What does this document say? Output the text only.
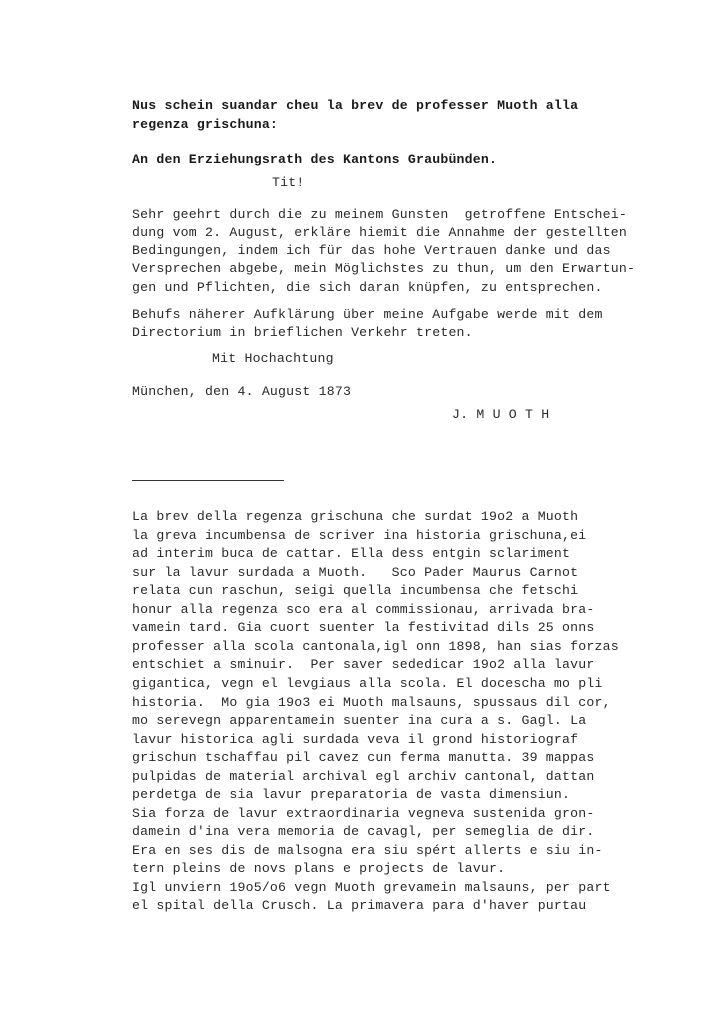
Nus schein suandar cheu la brev de professer Muoth alla
regenza grischuna:
An den Erziehungsrath des Kantons Graubünden.
Tit!
Sehr geehrt durch die zu meinem Gunsten  getroffene Entschei-
dung vom 2. August, erkläre hiemit die Annahme der gestellten
Bedingungen, indem ich für das hohe Vertrauen danke und das
Versprechen abgebe, mein Möglichstes zu thun, um den Erwartun-
gen und Pflichten, die sich daran knüpfen, zu entsprechen.
Behufs näherer Aufklärung über meine Aufgabe werde mit dem
Directorium in brieflichen Verkehr treten.
Mit Hochachtung
München, den 4. August 1873
J. M U O T H
La brev della regenza grischuna che surdat 19o2 a Muoth
la greva incumbensa de scriver ina historia grischuna,ei
ad interim buca de cattar. Ella dess entgin sclariment
sur la lavur surdada a Muoth.   Sco Pader Maurus Carnot
relata cun raschun, seigi quella incumbensa che fetschi
honur alla regenza sco era al commissionau, arrivada bra-
vamein tard. Gia cuort suenter la festivitad dils 25 onns
professer alla scola cantonala,igl onn 1898, han sias forzas
entschiet a sminuir.  Per saver sededicar 19o2 alla lavur
gigantica, vegn el levgiaus alla scola. El docescha mo pli
historia.  Mo gia 19o3 ei Muoth malsauns, spussaus dil cor,
mo serevegn apparentamein suenter ina cura a s. Gagl. La
lavur historica agli surdada veva il grond historiograf
grischun tschaffau pil cavez cun ferma manutta. 39 mappas
pulpidas de material archival egl archiv cantonal, dattan
perdetga de sia lavur preparatoria de vasta dimensiun.
Sia forza de lavur extraordinaria vegneva sustenida gron-
damein d'ina vera memoria de cavagl, per semeglia de dir.
Era en ses dis de malsogna era siu spért allerts e siu in-
tern pleins de novs plans e projects de lavur.
Igl unviern 19o5/o6 vegn Muoth grevamein malsauns, per part
el spital della Crusch. La primavera para d'haver purtau
